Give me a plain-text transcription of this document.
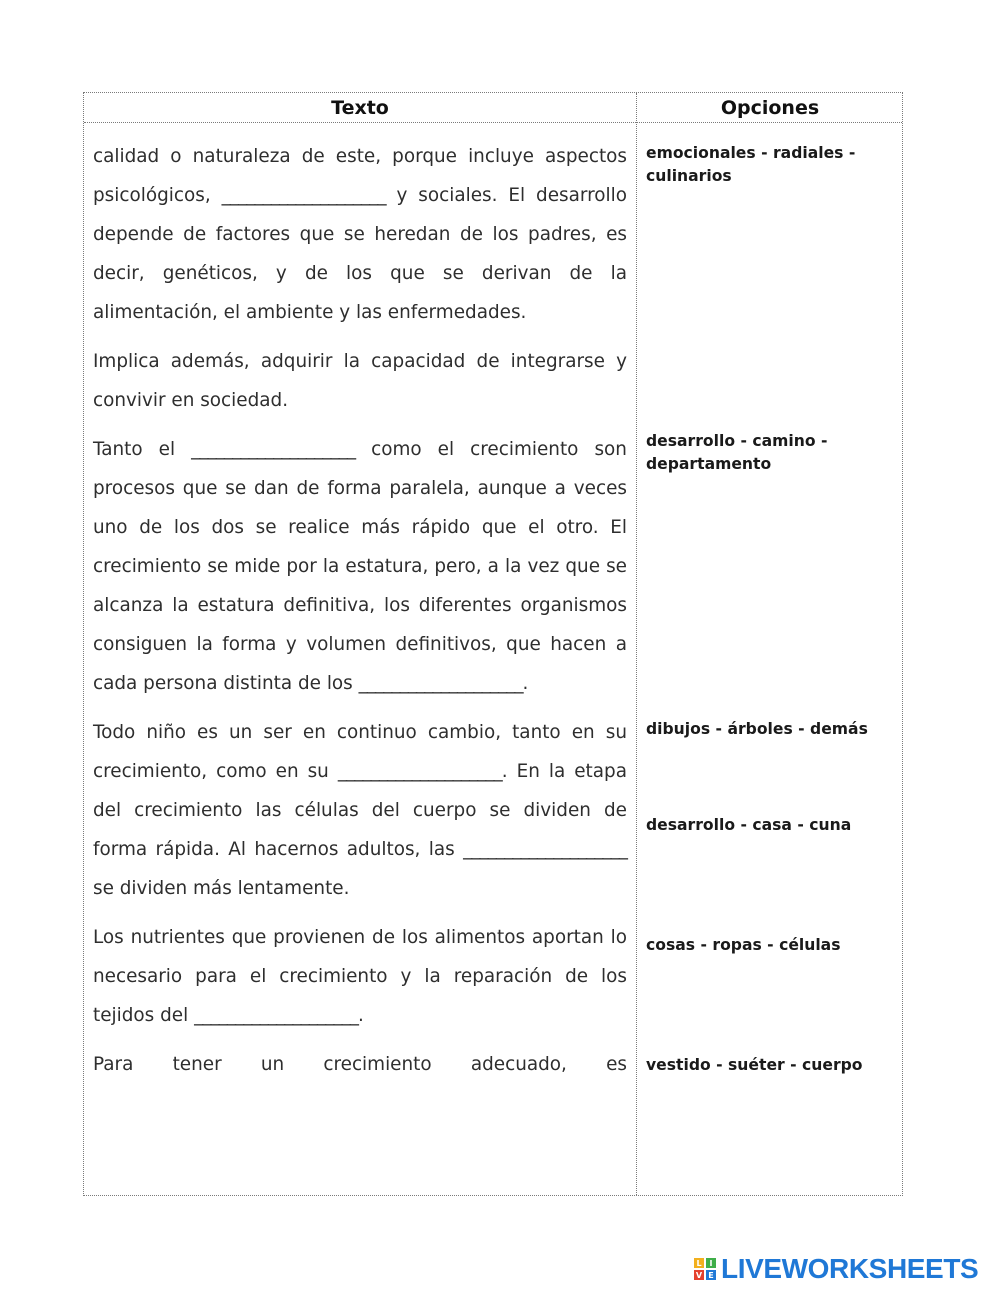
Texto	Opciones

calidad o naturaleza de este, porque incluye aspectos psicológicos, ____________________ y sociales. El desarrollo depende de factores que se heredan de los padres, es decir, genéticos, y de los que se derivan de la alimentación, el ambiente y las enfermedades.

Implica además, adquirir la capacidad de integrarse y convivir en sociedad.

Tanto el ____________________ como el crecimiento son procesos que se dan de forma paralela, aunque a veces uno de los dos se realice más rápido que el otro. El crecimiento se mide por la estatura, pero, a la vez que se alcanza la estatura definitiva, los diferentes organismos consiguen la forma y volumen definitivos, que hacen a cada persona distinta de los ____________________.

Todo niño es un ser en continuo cambio, tanto en su crecimiento, como en su ____________________. En la etapa del crecimiento las células del cuerpo se dividen de forma rápida. Al hacernos adultos, las ____________________ se dividen más lentamente.

Los nutrientes que provienen de los alimentos aportan lo necesario para el crecimiento y la reparación de los tejidos del ____________________.

Para tener un crecimiento adecuado, es

emocionales - radiales - culinarios
desarrollo - camino - departamento
dibujos - árboles - demás
desarrollo - casa - cuna
cosas - ropas - células
vestido - suéter - cuerpo
L I
V E LIVEWORKSHEETS
